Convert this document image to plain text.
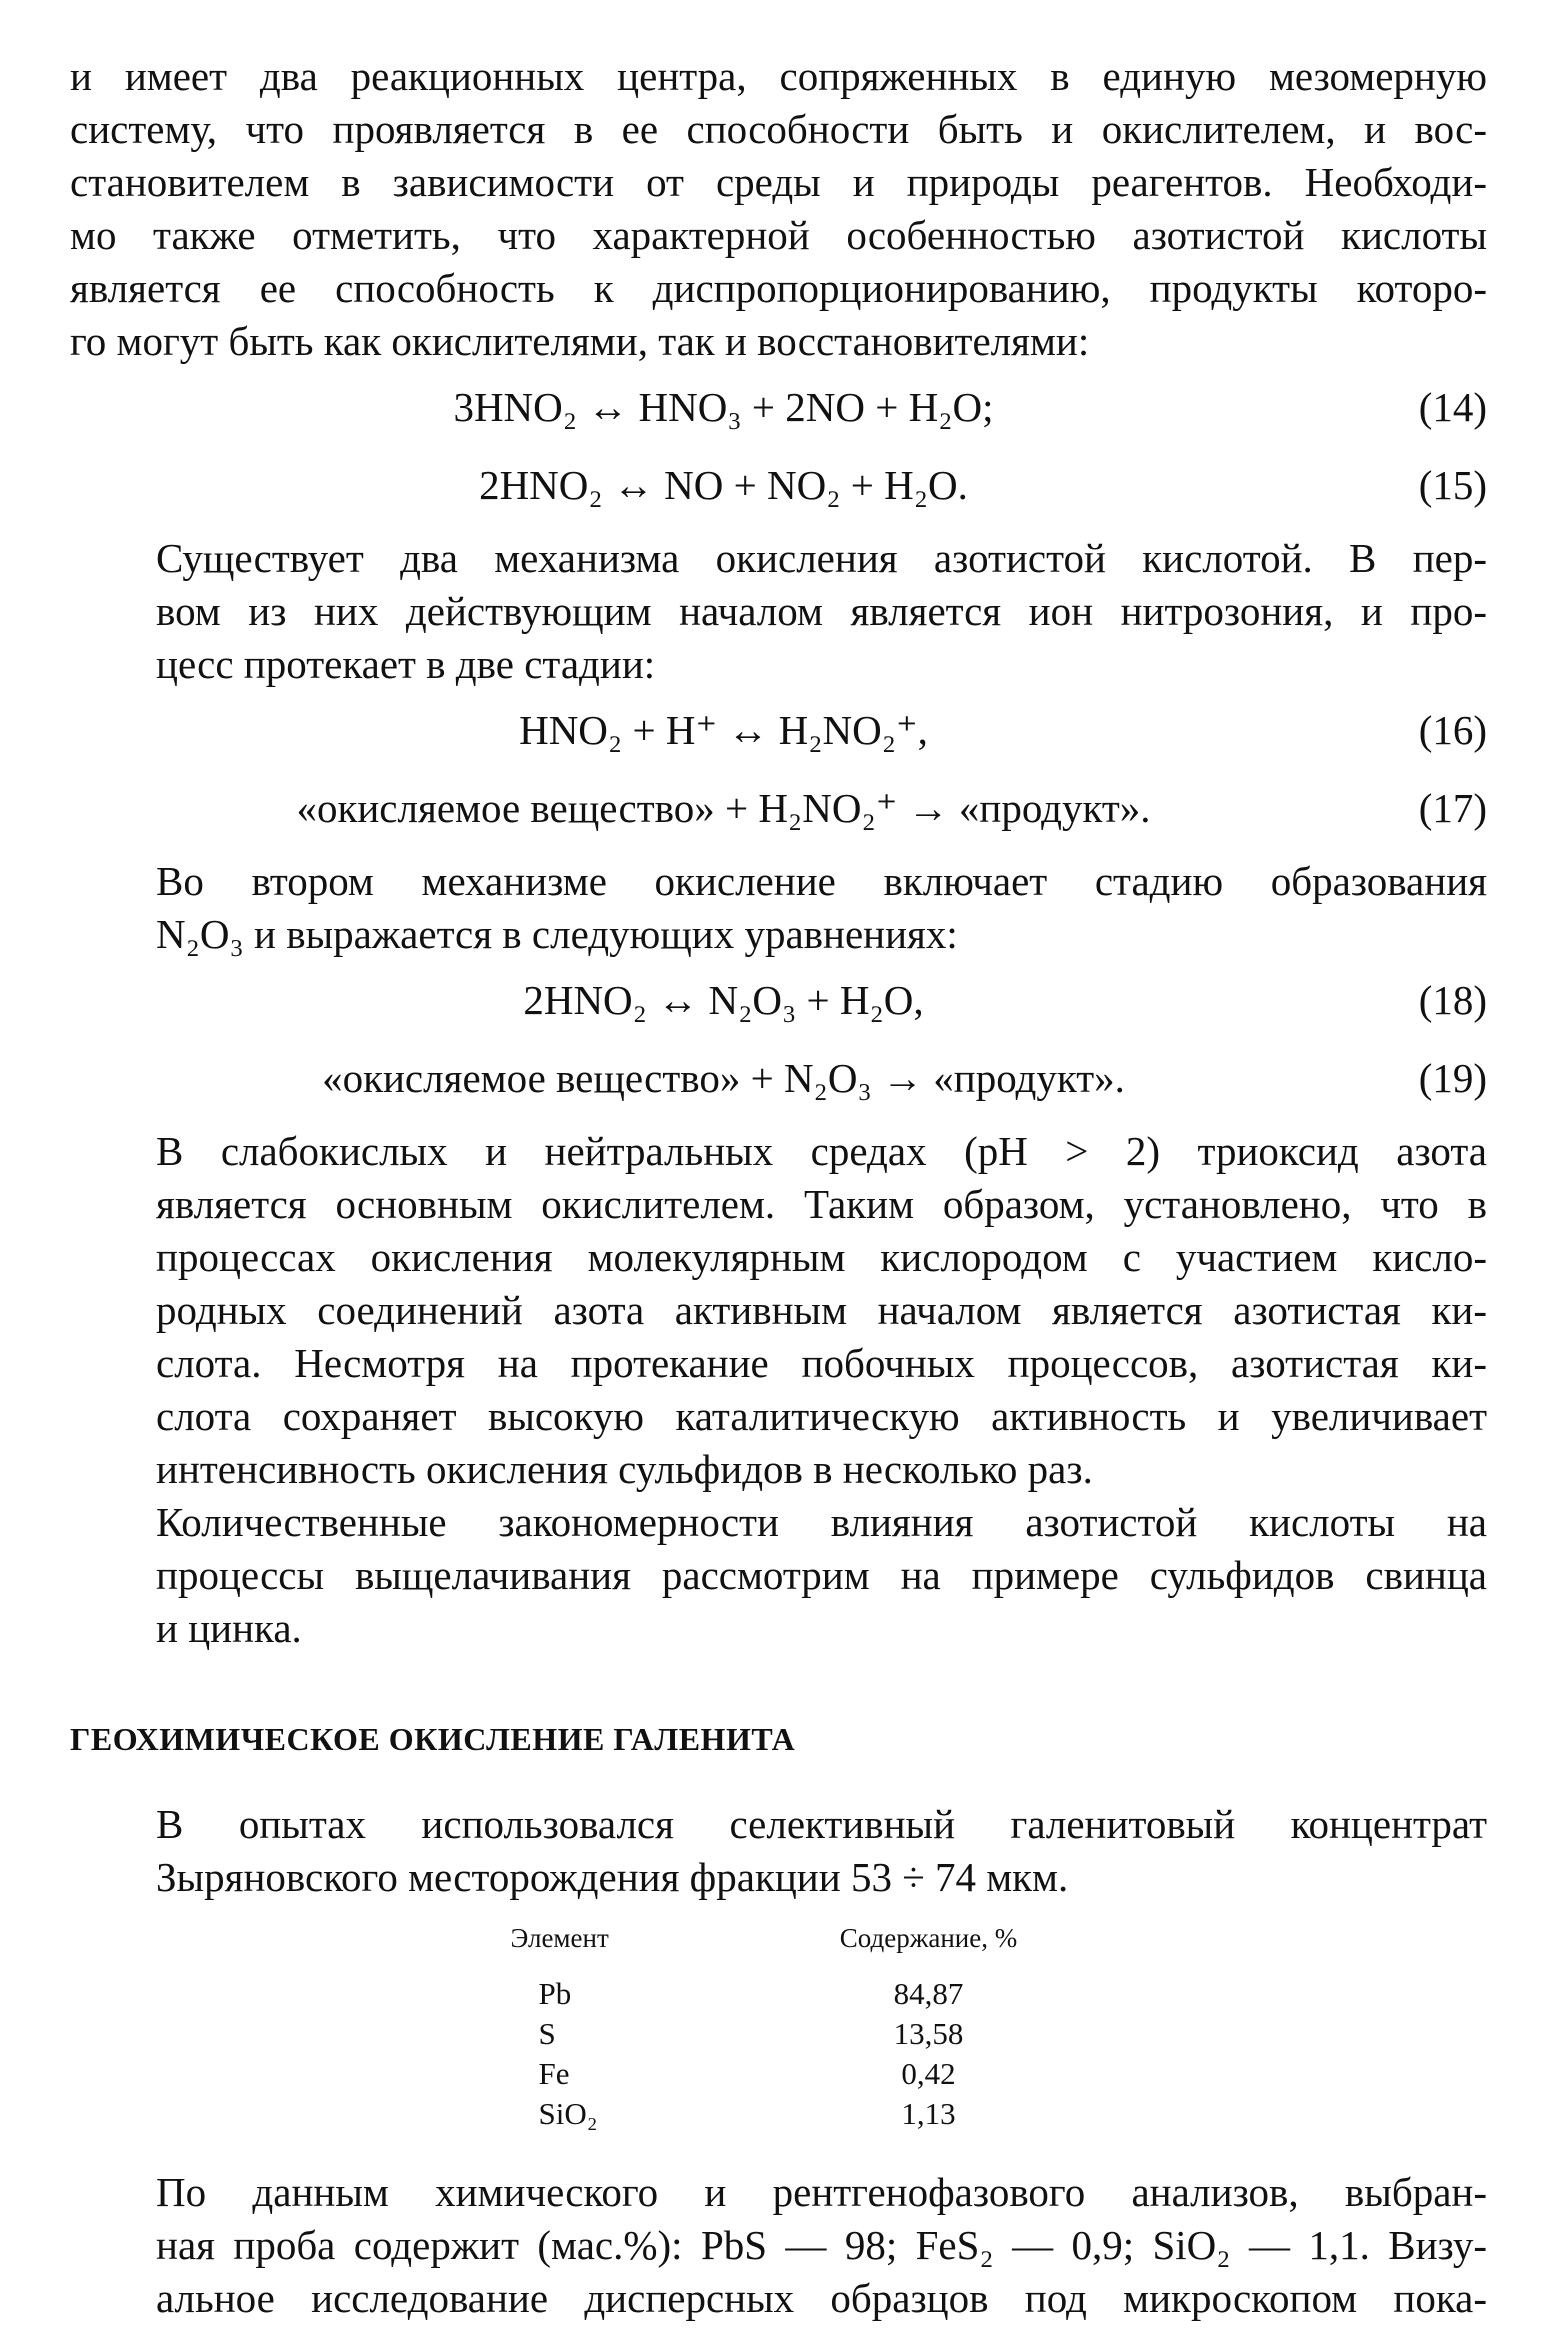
и имеет два реакционных центра, сопряженных в единую мезомерную
систему, что проявляется в ее способности быть и окислителем, и вос-
становителем в зависимости от среды и природы реагентов. Необходи-
мо также отметить, что характерной особенностью азотистой кислоты
является ее способность к диспропорционированию, продукты которо-
го могут быть как окислителями, так и восстановителями:

3HNO₂ ↔ HNO₃ + 2NO + H₂O;	(14)
2HNO₂ ↔ NO + NO₂ + H₂O.	(15)

Существует два механизма окисления азотистой кислотой. В пер-
вом из них действующим началом является ион нитрозония, и про-
цесс протекает в две стадии:

HNO₂ + H⁺ ↔ H₂NO₂⁺,	(16)
«окисляемое вещество» + H₂NO₂⁺ → «продукт».	(17)

Во втором механизме окисление включает стадию образования
N₂O₃ и выражается в следующих уравнениях:

2HNO₂ ↔ N₂O₃ + H₂O,	(18)
«окисляемое вещество» + N₂O₃ → «продукт».	(19)

В слабокислых и нейтральных средах (pH > 2) триоксид азота
является основным окислителем. Таким образом, установлено, что в
процессах окисления молекулярным кислородом с участием кисло-
родных соединений азота активным началом является азотистая ки-
слота. Несмотря на протекание побочных процессов, азотистая ки-
слота сохраняет высокую каталитическую активность и увеличивает
интенсивность окисления сульфидов в несколько раз.

Количественные закономерности влияния азотистой кислоты на
процессы выщелачивания рассмотрим на примере сульфидов свинца
и цинка.

ГЕОХИМИЧЕСКОЕ ОКИСЛЕНИЕ ГАЛЕНИТА

В опытах использовался селективный галенитовый концентрат
Зыряновского месторождения фракции 53 ÷ 74 мкм.

Элемент	Содержание, %
Pb	84,87
S	13,58
Fe	0,42
SiO₂	1,13

По данным химического и рентгенофазового анализов, выбран-
ная проба содержит (мас.%): PbS — 98; FeS₂ — 0,9; SiO₂ — 1,1. Визу-
альное исследование дисперсных образцов под микроскопом пока-
